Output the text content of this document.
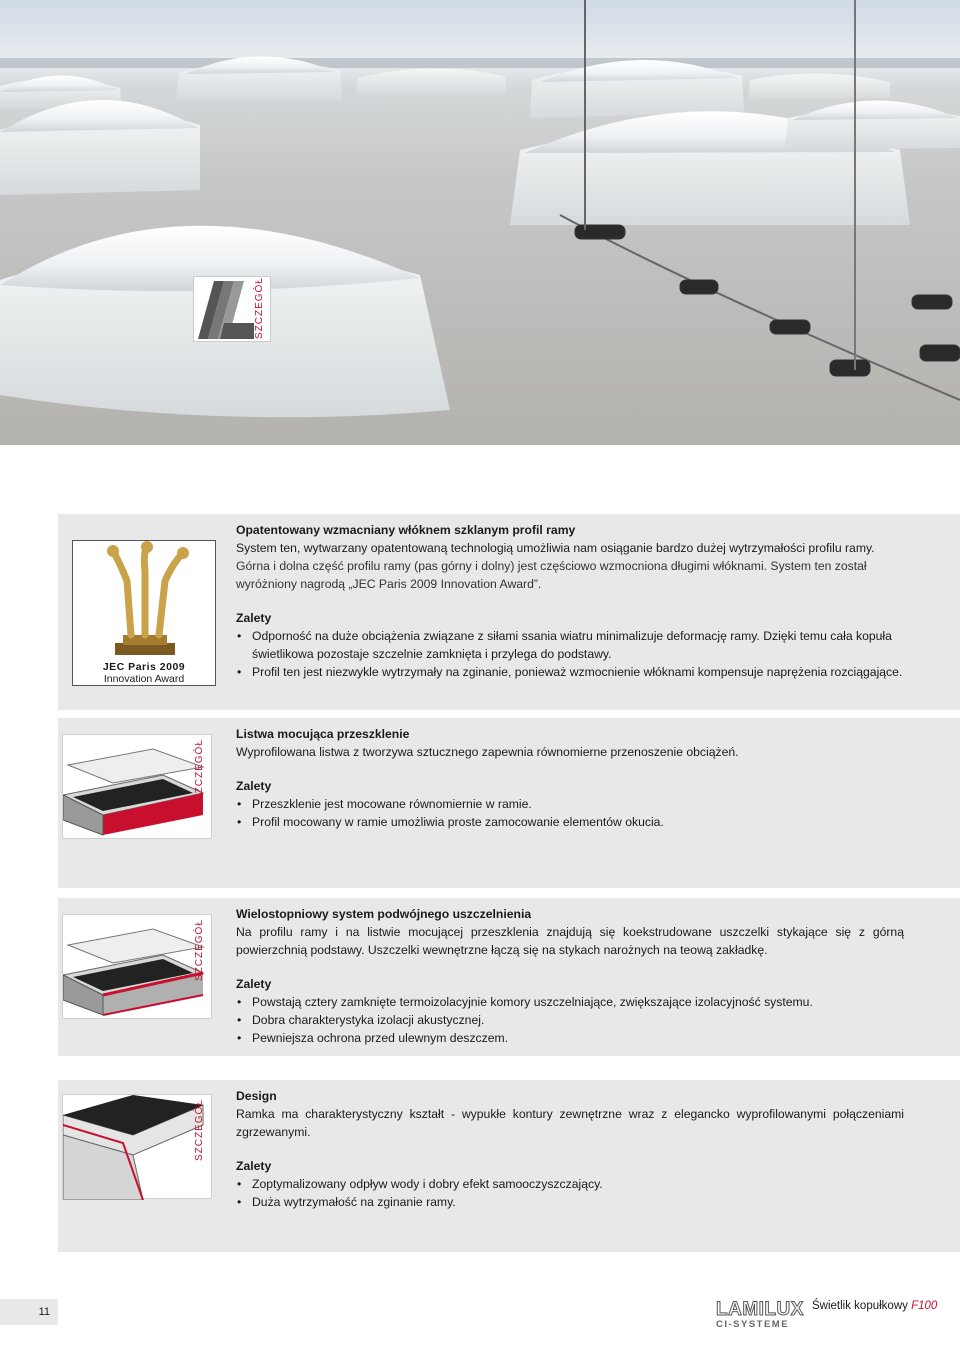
SZCZEGÓŁ
JEC Paris 2009
Innovation Award
Opatentowany wzmacniany włóknem szklanym profil ramy
System ten, wytwarzany opatentowaną technologią umożliwia nam osiąganie bardzo dużej wytrzymałości profilu ramy.
Górna i dolna część profilu ramy (pas górny i dolny) jest częściowo wzmocniona długimi włóknami. System ten został wyróżniony nagrodą „JEC Paris 2009 Innovation Award”.
Zalety
• Odporność na duże obciążenia związane z siłami ssania wiatru minimalizuje deformację ramy. Dzięki temu cała kopuła świetlikowa pozostaje szczelnie zamknięta i przylega do podstawy.
• Profil ten jest niezwykle wytrzymały na zginanie, ponieważ wzmocnienie włóknami kompensuje naprężenia rozciągające.
SZCZEGÓŁ
Listwa mocująca przeszklenie
Wyprofilowana listwa z tworzywa sztucznego zapewnia równomierne przenoszenie obciążeń.
Zalety
• Przeszklenie jest mocowane równomiernie w ramie.
• Profil mocowany w ramie umożliwia proste zamocowanie elementów okucia.
SZCZEGÓŁ
Wielostopniowy system podwójnego uszczelnienia
Na profilu ramy i na listwie mocującej przeszklenia znajdują się koekstrudowane uszczelki stykające się z górną powierzchnią podstawy. Uszczelki wewnętrzne łączą się na stykach narożnych na teową zakładkę.
Zalety
• Powstają cztery zamknięte termoizolacyjnie komory uszczelniające, zwiększające izolacyjność systemu.
• Dobra charakterystyka izolacji akustycznej.
• Pewniejsza ochrona przed ulewnym deszczem.
SZCZEGÓŁ
Design
Ramka ma charakterystyczny kształt - wypukłe kontury zewnętrzne wraz z elegancko wyprofilowanymi połączeniami zgrzewanymi.
Zalety
• Zoptymalizowany odpływ wody i dobry efekt samooczyszczający.
• Duża wytrzymałość na zginanie ramy.
11	LAMILUX
CI-SYSTEME
Świetlik kopułkowy F100
